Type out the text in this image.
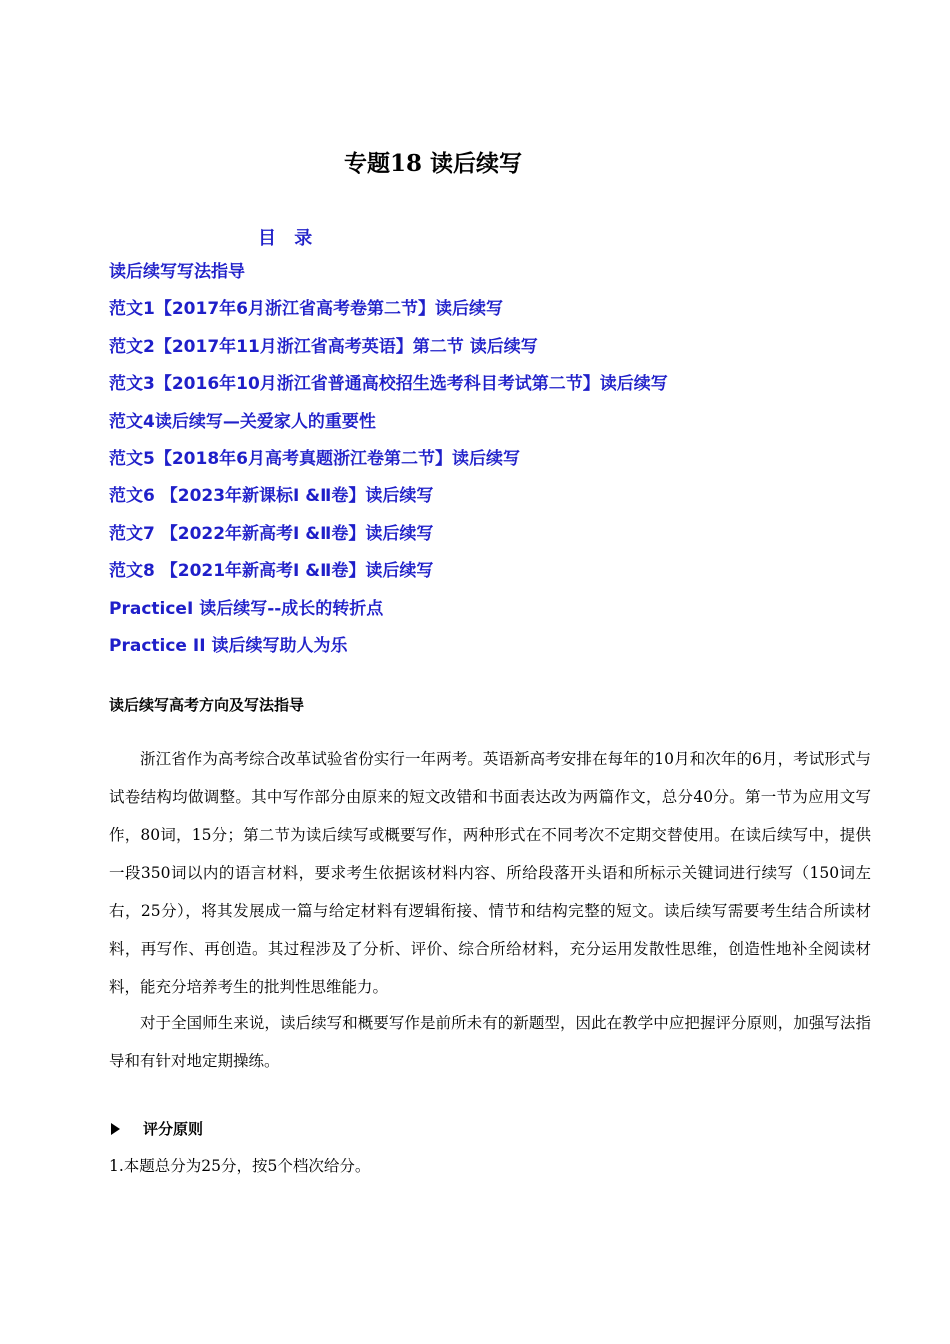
专题18 读后续写
目 录
读后续写写法指导
范文1【2017年6月浙江省高考卷第二节】读后续写
范文2【2017年11月浙江省高考英语】第二节 读后续写
范文3【2016年10月浙江省普通高校招生选考科目考试第二节】读后续写
范文4读后续写—关爱家人的重要性
范文5【2018年6月高考真题浙江卷第二节】读后续写
范文6 【2023年新课标Ⅰ &Ⅱ卷】读后续写
范文7 【2022年新高考Ⅰ &Ⅱ卷】读后续写
范文8 【2021年新高考Ⅰ &Ⅱ卷】读后续写
PracticeI 读后续写--成长的转折点
Practice II 读后续写助人为乐
读后续写高考方向及写法指导

浙江省作为高考综合改革试验省份实行一年两考。英语新高考安排在每年的10月和次年的6月，考试形式与试卷结构均做调整。其中写作部分由原来的短文改错和书面表达改为两篇作文，总分40分。第一节为应用文写作，80词，15分；第二节为读后续写或概要写作，两种形式在不同考次不定期交替使用。在读后续写中，提供一段350词以内的语言材料，要求考生依据该材料内容、所给段落开头语和所标示关键词进行续写（150词左右，25分），将其发展成一篇与给定材料有逻辑衔接、情节和结构完整的短文。读后续写需要考生结合所读材料，再写作、再创造。其过程涉及了分析、评价、综合所给材料，充分运用发散性思维，创造性地补全阅读材料，能充分培养考生的批判性思维能力。

对于全国师生来说，读后续写和概要写作是前所未有的新题型，因此在教学中应把握评分原则，加强写法指导和有针对地定期操练。

评分原则
1.本题总分为25分，按5个档次给分。
